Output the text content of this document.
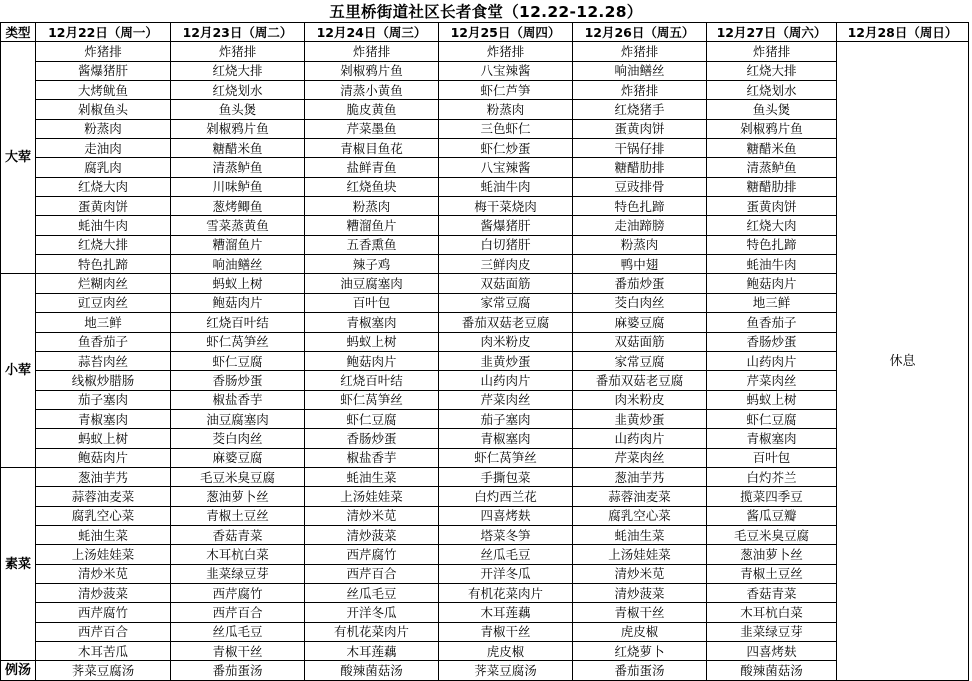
五里桥街道社区长者食堂（12.22-12.28）
类型	12月22日（周一）	12月23日（周二）	12月24日（周三）	12月25日（周四）	12月26日（周五）	12月27日（周六）	12月28日（周日）
大荤	炸猪排	炸猪排	炸猪排	炸猪排	炸猪排	炸猪排	休息
	酱爆猪肝	红烧大排	剁椒鸦片鱼	八宝辣酱	响油鳝丝	红烧大排	
	大烤鱿鱼	红烧划水	清蒸小黄鱼	虾仁芦笋	炸猪排	红烧划水	
	剁椒鱼头	鱼头煲	脆皮黄鱼	粉蒸肉	红烧猪手	鱼头煲	
	粉蒸肉	剁椒鸦片鱼	芹菜墨鱼	三色虾仁	蛋黄肉饼	剁椒鸦片鱼	
	走油肉	糖醋米鱼	青椒目鱼花	虾仁炒蛋	干锅仔排	糖醋米鱼	
	腐乳肉	清蒸鲈鱼	盐鲜青鱼	八宝辣酱	糖醋肋排	清蒸鲈鱼	
	红烧大肉	川味鲈鱼	红烧鱼块	蚝油牛肉	豆豉排骨	糖醋肋排	
	蛋黄肉饼	葱烤鲫鱼	粉蒸肉	梅干菜烧肉	特色扎蹄	蛋黄肉饼	
	蚝油牛肉	雪菜蒸黄鱼	糟溜鱼片	酱爆猪肝	走油蹄膀	红烧大肉	
	红烧大排	糟溜鱼片	五香熏鱼	白切猪肝	粉蒸肉	特色扎蹄	
	特色扎蹄	响油鳝丝	辣子鸡	三鲜肉皮	鸭中翅	蚝油牛肉	
小荤	烂糊肉丝	蚂蚁上树	油豆腐塞肉	双菇面筋	番茄炒蛋	鲍菇肉片	
	豇豆肉丝	鲍菇肉片	百叶包	家常豆腐	茭白肉丝	地三鲜	
	地三鲜	红烧百叶结	青椒塞肉	番茄双菇老豆腐	麻婆豆腐	鱼香茄子	
	鱼香茄子	虾仁莴笋丝	蚂蚁上树	肉米粉皮	双菇面筋	香肠炒蛋	
	蒜苔肉丝	虾仁豆腐	鲍菇肉片	韭黄炒蛋	家常豆腐	山药肉片	
	线椒炒腊肠	香肠炒蛋	红烧百叶结	山药肉片	番茄双菇老豆腐	芹菜肉丝	
	茄子塞肉	椒盐香芋	虾仁莴笋丝	芹菜肉丝	肉米粉皮	蚂蚁上树	
	青椒塞肉	油豆腐塞肉	虾仁豆腐	茄子塞肉	韭黄炒蛋	虾仁豆腐	
	蚂蚁上树	茭白肉丝	香肠炒蛋	青椒塞肉	山药肉片	青椒塞肉	
	鲍菇肉片	麻婆豆腐	椒盐香芋	虾仁莴笋丝	芹菜肉丝	百叶包	
素菜	葱油芋艿	毛豆米臭豆腐	蚝油生菜	手撕包菜	葱油芋艿	白灼芥兰	
	蒜蓉油麦菜	葱油萝卜丝	上汤娃娃菜	白灼西兰花	蒜蓉油麦菜	揽菜四季豆	
	腐乳空心菜	青椒土豆丝	清炒米苋	四喜烤麸	腐乳空心菜	酱瓜豆瓣	
	蚝油生菜	香菇青菜	清炒菠菜	塔菜冬笋	蚝油生菜	毛豆米臭豆腐	
	上汤娃娃菜	木耳杭白菜	西芹腐竹	丝瓜毛豆	上汤娃娃菜	葱油萝卜丝	
	清炒米苋	韭菜绿豆芽	西芹百合	开洋冬瓜	清炒米苋	青椒土豆丝	
	清炒菠菜	西芹腐竹	丝瓜毛豆	有机花菜肉片	清炒菠菜	香菇青菜	
	西芹腐竹	西芹百合	开洋冬瓜	木耳莲藕	青椒干丝	木耳杭白菜	
	西芹百合	丝瓜毛豆	有机花菜肉片	青椒干丝	虎皮椒	韭菜绿豆芽	
	木耳苦瓜	青椒干丝	木耳莲藕	虎皮椒	红烧萝卜	四喜烤麸	
例汤	荠菜豆腐汤	番茄蛋汤	酸辣菌菇汤	荠菜豆腐汤	番茄蛋汤	酸辣菌菇汤	
